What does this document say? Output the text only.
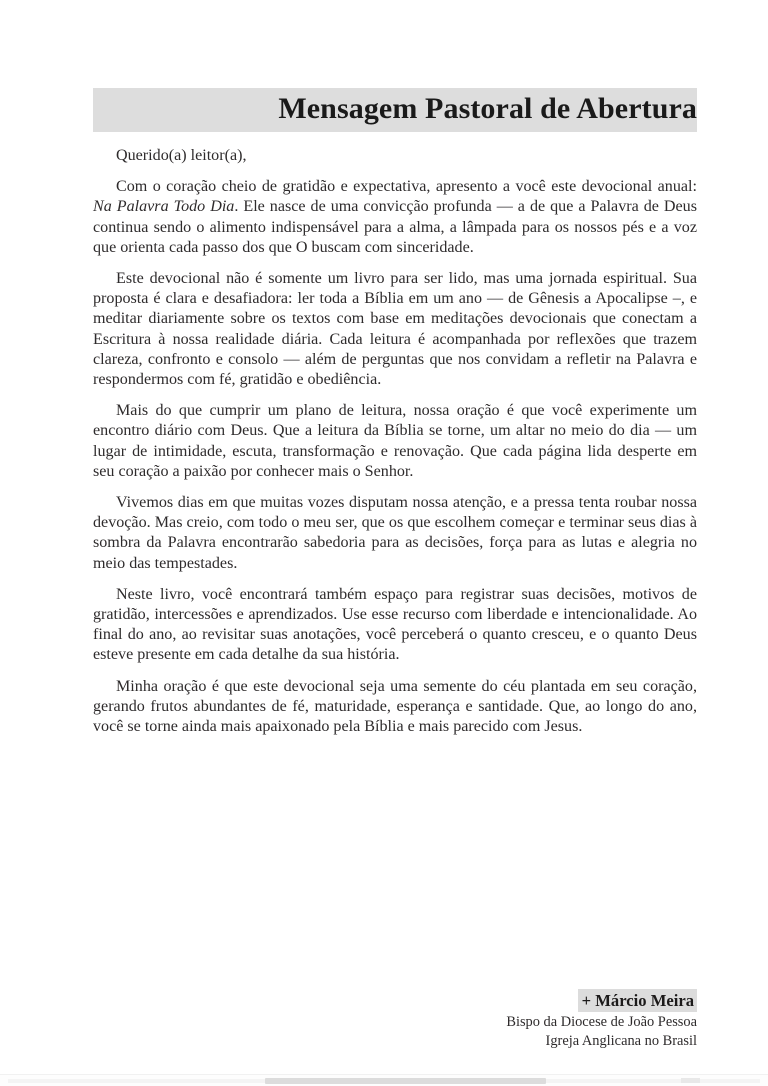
Mensagem Pastoral de Abertura

Querido(a) leitor(a),

Com o coração cheio de gratidão e expectativa, apresento a você este devocional anual: Na Palavra Todo Dia. Ele nasce de uma convicção profunda — a de que a Palavra de Deus continua sendo o alimento indispensável para a alma, a lâmpada para os nossos pés e a voz que orienta cada passo dos que O buscam com sinceridade.

Este devocional não é somente um livro para ser lido, mas uma jornada espiritual. Sua proposta é clara e desafiadora: ler toda a Bíblia em um ano — de Gênesis a Apocalipse –, e meditar diariamente sobre os textos com base em meditações devocionais que conectam a Escritura à nossa realidade diária. Cada leitura é acompanhada por reflexões que trazem clareza, confronto e consolo — além de perguntas que nos convidam a refletir na Palavra e respondermos com fé, gratidão e obediência.

Mais do que cumprir um plano de leitura, nossa oração é que você experimente um encontro diário com Deus. Que a leitura da Bíblia se torne, um altar no meio do dia — um lugar de intimidade, escuta, transformação e renovação. Que cada página lida desperte em seu coração a paixão por conhecer mais o Senhor.

Vivemos dias em que muitas vozes disputam nossa atenção, e a pressa tenta roubar nossa devoção. Mas creio, com todo o meu ser, que os que escolhem começar e terminar seus dias à sombra da Palavra encontrarão sabedoria para as decisões, força para as lutas e alegria no meio das tempestades.

Neste livro, você encontrará também espaço para registrar suas decisões, motivos de gratidão, intercessões e aprendizados. Use esse recurso com liberdade e intencionalidade. Ao final do ano, ao revisitar suas anotações, você perceberá o quanto cresceu, e o quanto Deus esteve presente em cada detalhe da sua história.

Minha oração é que este devocional seja uma semente do céu plantada em seu coração, gerando frutos abundantes de fé, maturidade, esperança e santidade. Que, ao longo do ano, você se torne ainda mais apaixonado pela Bíblia e mais parecido com Jesus.

+ Márcio Meira
Bispo da Diocese de João Pessoa
Igreja Anglicana no Brasil
